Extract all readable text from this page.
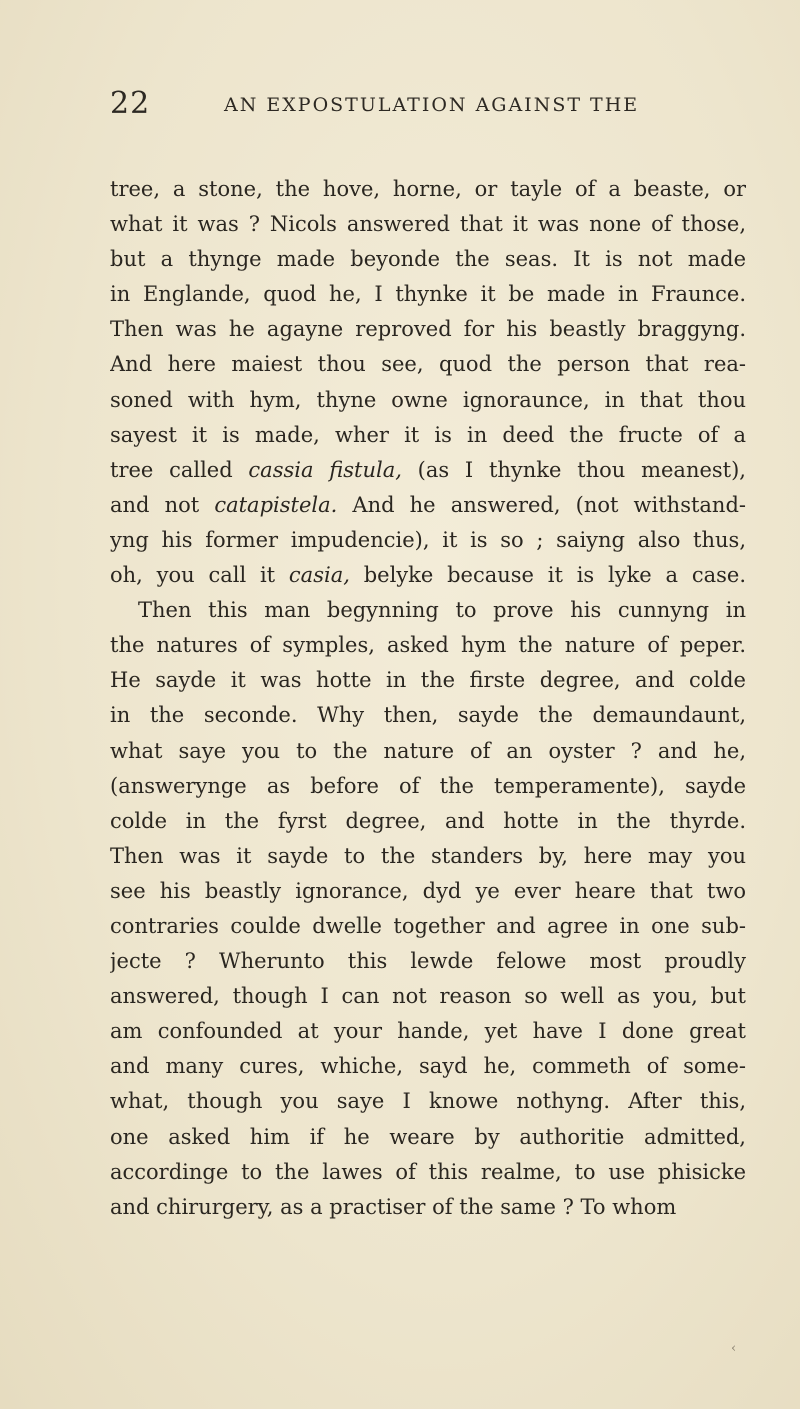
22	AN EXPOSTULATION AGAINST THE
tree, a stone, the hove, horne, or tayle of a beaste, or
what it was ? Nicols answered that it was none of those,
but a thynge made beyonde the seas. It is not made
in Englande, quod he, I thynke it be made in Fraunce.
Then was he agayne reproved for his beastly braggyng.
And here maiest thou see, quod the person that rea-
soned with hym, thyne owne ignoraunce, in that thou
sayest it is made, wher it is in deed the fructe of a
tree called cassia fistula, (as I thynke thou meanest),
and not catapistela. And he answered, (not withstand-
yng his former impudencie), it is so ; saiyng also thus,
oh, you call it casia, belyke because it is lyke a case.
Then this man begynning to prove his cunnyng in
the natures of symples, asked hym the nature of peper.
He sayde it was hotte in the firste degree, and colde
in the seconde. Why then, sayde the demaundaunt,
what saye you to the nature of an oyster ? and he,
(answerynge as before of the temperamente), sayde
colde in the fyrst degree, and hotte in the thyrde.
Then was it sayde to the standers by, here may you
see his beastly ignorance, dyd ye ever heare that two
contraries coulde dwelle together and agree in one sub-
jecte ? Wherunto this lewde felowe most proudly
answered, though I can not reason so well as you, but
am confounded at your hande, yet have I done great
and many cures, whiche, sayd he, commeth of some-
what, though you saye I knowe nothyng. After this,
one asked him if he weare by authoritie admitted,
accordinge to the lawes of this realme, to use phisicke
and chirurgery, as a practiser of the same ? To whom
‹
